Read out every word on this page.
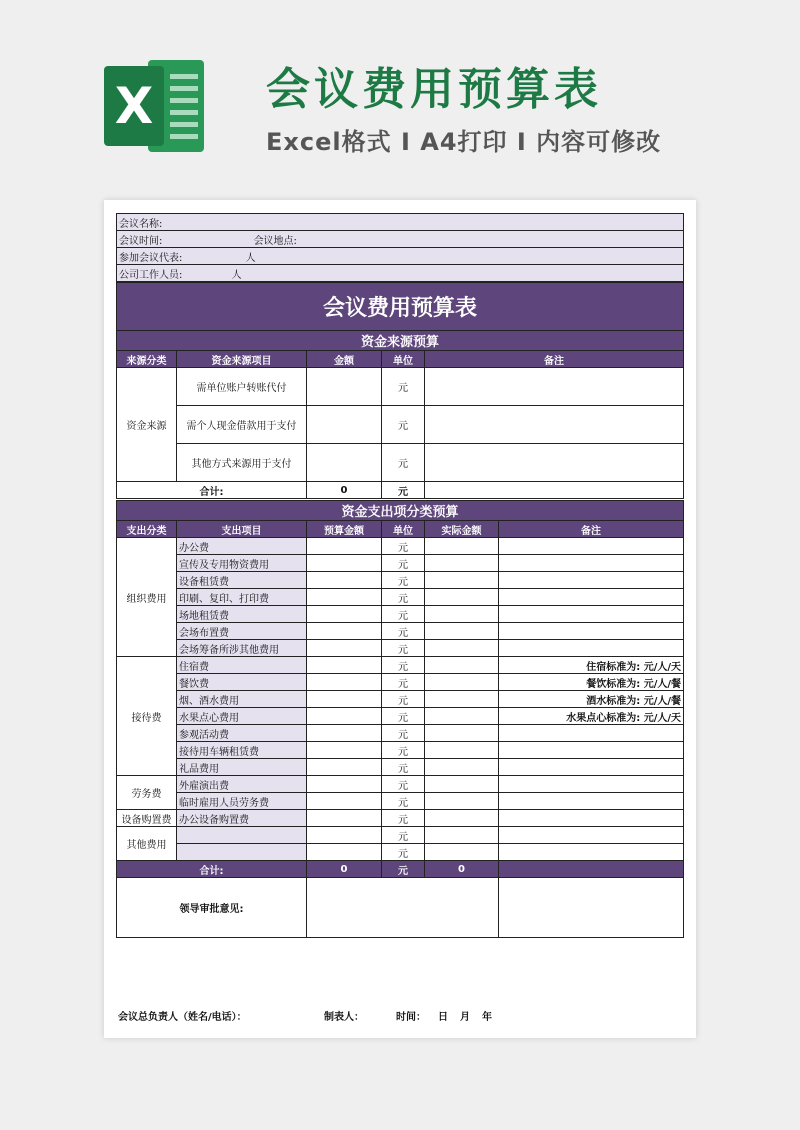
X	会议费用预算表
Excel格式 I A4打印 I 内容可修改
会议名称:
会议时间:	会议地点:
参加会议代表:	人
公司工作人员:	人
会议费用预算表				
资金来源预算				
来源分类	资金来源项目	金额	单位	备注
资金来源	需单位账户转账代付		元	
	需个人现金借款用于支付		元	
	其他方式来源用于支付		元	
合计:		0	元	
资金支出项分类预算					
支出分类	支出项目	预算金额	单位	实际金额	备注
组织费用	办公费		元		
	宣传及专用物资费用		元		
	设备租赁费		元		
	印刷、复印、打印费		元		
	场地租赁费		元		
	会场布置费		元		
	会场筹备所涉其他费用		元		
接待费	住宿费		元		住宿标准为: 元/人/天
	餐饮费		元		餐饮标准为: 元/人/餐
	烟、酒水费用		元		酒水标准为: 元/人/餐
	水果点心费用		元		水果点心标准为: 元/人/天
	参观活动费		元		
	接待用车辆租赁费		元		
	礼品费用		元		
劳务费	外雇演出费		元		
	临时雇用人员劳务费		元		
设备购置费	办公设备购置费		元		
其他费用			元		
			元		
合计:		0	元	0	
领导审批意见:					
会议总负责人（姓名/电话）：	制表人：	时间： 日 月 年
